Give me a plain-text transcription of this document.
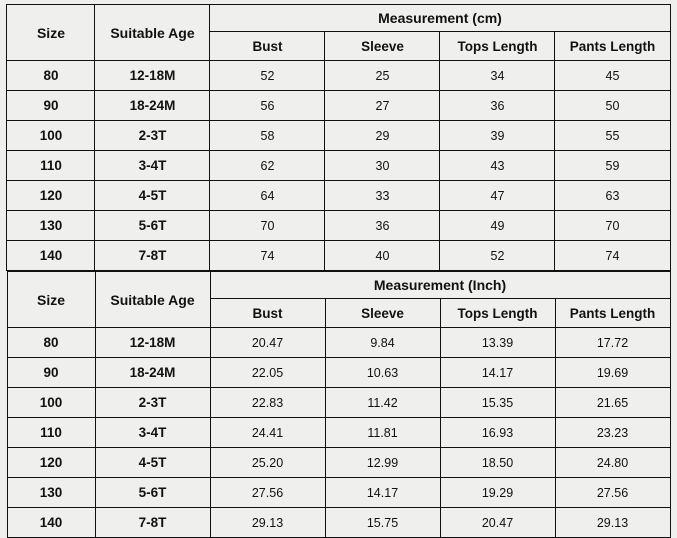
Size	Suitable Age	Measurement (cm)			
		Bust	Sleeve	Tops Length	Pants Length
80	12-18M	52	25	34	45
90	18-24M	56	27	36	50
100	2-3T	58	29	39	55
110	3-4T	62	30	43	59
120	4-5T	64	33	47	63
130	5-6T	70	36	49	70
140	7-8T	74	40	52	74
Size	Suitable Age	Measurement (Inch)			
		Bust	Sleeve	Tops Length	Pants Length
80	12-18M	20.47	9.84	13.39	17.72
90	18-24M	22.05	10.63	14.17	19.69
100	2-3T	22.83	11.42	15.35	21.65
110	3-4T	24.41	11.81	16.93	23.23
120	4-5T	25.20	12.99	18.50	24.80
130	5-6T	27.56	14.17	19.29	27.56
140	7-8T	29.13	15.75	20.47	29.13
